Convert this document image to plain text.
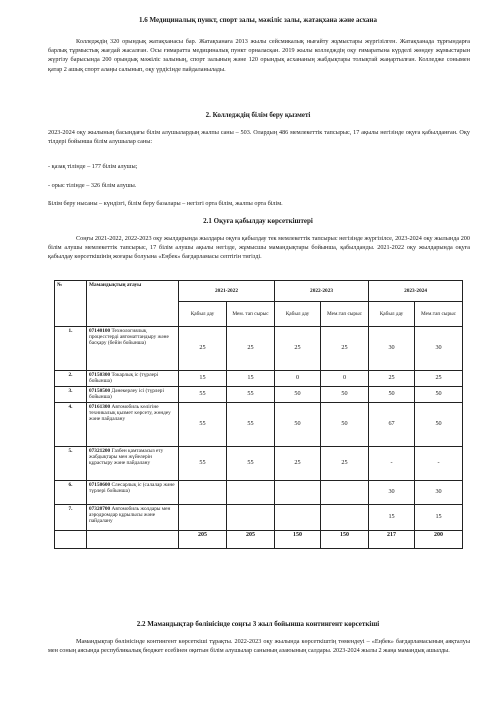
1.6 Медициналық пункт, спорт залы, мәжіліс залы, жатақхана және асхана
Колледждің 320 орындық жатақханасы бар. Жатақханаға 2013 жылы сейсмикалық нығайту жұмыстары жүргізілген. Жатақханада тұрғындарға барлық тұрмыстық жағдай жасалған. Осы ғимаратта медициналық пункт орналасқан. 2019 жылы колледждің оқу ғимаратына күрделі жөндеу жұмыстарын жүргізу барысында 200 орындық мәжіліс залының, спорт залының және 120 орындық асхананың жабдықтары толықтай жаңартылған. Колледже сонымен қатар 2 ашық спорт алаңы салынып, оқу үрдісінде пайдаланылады.
2. Колледждің білім беру қызметі
2023-2024 оқу жылының басындағы білім алушылардың жалпы саны – 503. Олардың 486 мемлекеттік тапсырыс, 17 ақылы негізінде оқуға қабылданған. Оқу тілдері бойынша білім алушылар саны:
- қазақ тілінде – 177 білім алушы;
- орыс тілінде – 326 білім алушы.
Білім беру нысаны – күндізгі, білім беру базалары – негізгі орта білім, жалпы орта білім.
2.1 Оқуға қабылдау көрсеткіштері
Соңғы 2021-2022, 2022-2023 оқу жылдарында жылдары оқуға қабылдау тек мемлекеттік тапсырыс негізінде жүргізілсе, 2023-2024 оқу жылында 200 білім алушы мемлекеттік тапсырыс, 17 білім алушы ақылы негізде, жұмысшы мамандықтары бойынша, қабылданды. 2021-2022 оқу жылдарында оқуға қабылдау көрсеткішінің жоғары болуына «Еңбек» бағдарламасы септігін тигізді.
№	Мамандықтың атауы	2021-2022		2022-2023		2023-2024	
		Қабыл дау	Мем. тап сырыс	Қабыл дау	Мем.тап сырыс	Қабыл дау	Мем.тап сырыс
1.	07140100 Технологиялық процесстерді автоматтандыру және басқару (бейін бойынша)	25	25	25	25	30	30
2.	07150300 Токарлық іс (түрлері бойынша)	15	15	0	0	25	25
3.	07150500 Дәнекерлеу ісі (түрлері бойынша)	55	55	50	50	50	50
4.	07161300 Автомобиль көлігіне техникалық қызмет көрсету, жөндеу және пайдалану	55	55	50	50	67	50
5.	07321200 Газбен қамтамасыз ету жабдықтары мен жүйелерін құрастыру және пайдалану	55	55	25	25	-	-
6.	07150600 Слесарлық іс (салалар және түрлері бойынша)					30	30
7.	07320700 Автомобиль жолдары мен аэродромдар құрылысы және пайдалану					15	15
		205	205	150	150	217	200
2.2 Мамандықтар бөлінісінде соңғы 3 жыл бойынша контингент көрсеткіші
Мамандықтар бөлінісінде контингент көрсеткіші тұрақты. 2022-2023 оқу жылында көрсеткіштің төмендеуі – «Еңбек» бағдарламасының аяқталуы мен соның аясында республикалық бюджет есебінен оқитын білім алушылар санының азаюының салдары. 2023-2024 жылы 2 жаңа мамандық ашылды.
